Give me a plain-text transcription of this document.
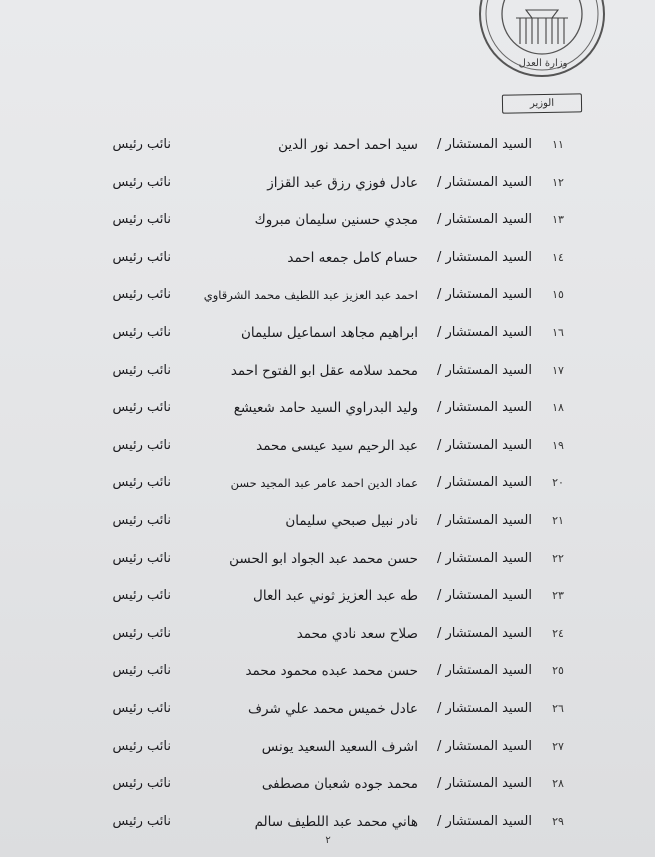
وزارة العدل
الوزير
١١
السيد المستشار /
سيد احمد احمد نور الدين
نائب رئيس
١٢
السيد المستشار /
عادل فوزي رزق عبد القزاز
نائب رئيس
١٣
السيد المستشار /
مجدي حسنين سليمان مبروك
نائب رئيس
١٤
السيد المستشار /
حسام كامل جمعه احمد
نائب رئيس
١٥
السيد المستشار /
احمد عبد العزيز عبد اللطيف محمد الشرقاوي
نائب رئيس
١٦
السيد المستشار /
ابراهيم مجاهد اسماعيل سليمان
نائب رئيس
١٧
السيد المستشار /
محمد سلامه عقل ابو الفتوح احمد
نائب رئيس
١٨
السيد المستشار /
وليد البدراوي السيد حامد شعيشع
نائب رئيس
١٩
السيد المستشار /
عبد الرحيم سيد عيسى محمد
نائب رئيس
٢٠
السيد المستشار /
عماد الدين احمد عامر عبد المجيد حسن
نائب رئيس
٢١
السيد المستشار /
نادر نبيل صبحي سليمان
نائب رئيس
٢٢
السيد المستشار /
حسن محمد عبد الجواد ابو الحسن
نائب رئيس
٢٣
السيد المستشار /
طه عبد العزيز ثوني عبد العال
نائب رئيس
٢٤
السيد المستشار /
صلاح سعد نادي محمد
نائب رئيس
٢٥
السيد المستشار /
حسن محمد عبده محمود محمد
نائب رئيس
٢٦
السيد المستشار /
عادل خميس محمد علي شرف
نائب رئيس
٢٧
السيد المستشار /
اشرف السعيد السعيد يونس
نائب رئيس
٢٨
السيد المستشار /
محمد جوده شعبان مصطفى
نائب رئيس
٢٩
السيد المستشار /
هاني محمد عبد اللطيف سالم
نائب رئيس
٢
